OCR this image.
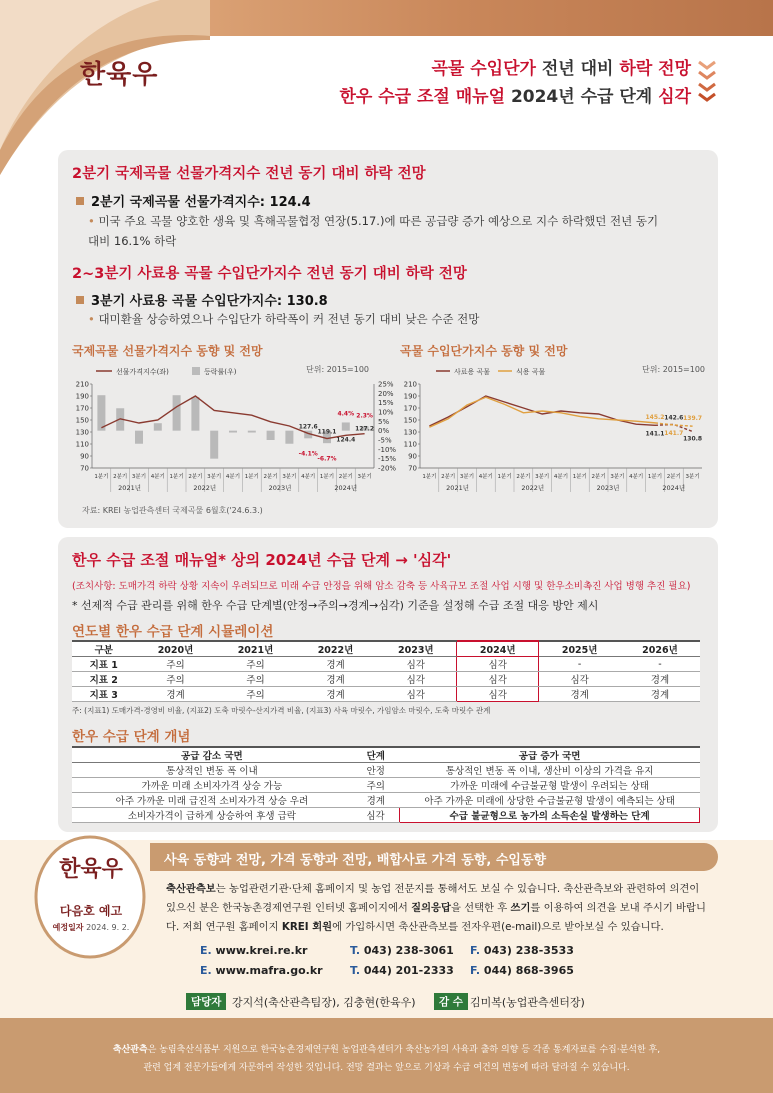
한육우	곡물 수입단가 전년 대비 하락 전망
한우 수급 조절 매뉴얼 2024년 수급 단계 심각
2분기 국제곡물 선물가격지수 전년 동기 대비 하락 전망
2분기 국제곡물 선물가격지수: 124.4
• 미국 주요 곡물 양호한 생육 및 흑해곡물협정 연장(5.17.)에 따른 공급량 증가 예상으로 지수 하락했던 전년 동기
대비 16.1% 하락
2~3분기 사료용 곡물 수입단가지수 전년 동기 대비 하락 전망
3분기 사료용 곡물 수입단가지수: 130.8
• 대미환율 상승하였으나 수입단가 하락폭이 커 전년 동기 대비 낮은 수준 전망
국제곡물 선물가격지수 동향 및 전망
단위: 2015=100
곡물 수입단가지수 동향 및 전망
단위: 2015=100
선물가격지수(좌)	등락률(우)
70
90
110
130
150
170
190
210	25%
20%
15%
10%
5%
0%
-5%
-10%
-15%
-20%
127.6
119.1
124.4
127.2
4.4% 2.3%
-4.1%
-6.7%
1분기 2분기 3분기 4분기 1분기 2분기 3분기 4분기 1분기 2분기 3분기 4분기 1분기 2분기 3분기
2021년	2022년	2023년	2024년
사료용 곡물	식용 곡물
70
90
110
130
150
170
190
210
145.2 142.6 139.7
141.1 141.7
130.8
1분기 2분기 3분기 4분기 1분기 2분기 3분기 4분기 1분기 2분기 3분기 4분기 1분기 2분기 3분기
2021년	2022년	2023년	2024년
자료: KREI 농업관측센터 국제곡물 6월호('24.6.3.)
한우 수급 조절 매뉴얼* 상의 2024년 수급 단계 → '심각'
(조치사항: 도매가격 하락 상황 지속이 우려되므로 미래 수급 안정을 위해 암소 감축 등 사육규모 조절 사업 시행 및 한우소비촉진 사업 병행 추진 필요)
* 선제적 수급 관리를 위해 한우 수급 단계별(안정→주의→경계→심각) 기준을 설정해 수급 조절 대응 방안 제시
연도별 한우 수급 단계 시뮬레이션
구분	2020년	2021년	2022년	2023년	2024년	2025년	2026년
지표 1	주의	주의	경계	심각	심각	-	-
지표 2	주의	주의	경계	심각	심각	심각	경계
지표 3	경계	주의	경계	심각	심각	경계	경계
주: (지표1) 도매가격-경영비 비율, (지표2) 도축 마릿수-산지가격 비율, (지표3) 사육 마릿수, 가임암소 마릿수, 도축 마릿수 관계
한우 수급 단계 개념
공급 감소 국면	단계	공급 증가 국면
통상적인 변동 폭 이내	안정	통상적인 변동 폭 이내, 생산비 이상의 가격을 유지
가까운 미래 소비자가격 상승 가능	주의	가까운 미래에 수급불균형 발생이 우려되는 상태
아주 가까운 미래 급진적 소비자가격 상승 우려	경계	아주 가까운 미래에 상당한 수급불균형 발생이 예측되는 상태
소비자가격이 급하게 상승하여 후생 급락	심각	수급 불균형으로 농가의 소득손실 발생하는 단계
한육우
다음호 예고
예정일자 2024. 9. 2.
사육 동향과 전망, 가격 동향과 전망, 배합사료 가격 동향, 수입동향
축산관측보는 농업관련기관·단체 홈페이지 및 농업 전문지를 통해서도 보실 수 있습니다. 축산관측보와 관련하여 의견이 있으신 분은 한국농촌경제연구원 인터넷 홈페이지에서 질의응답을 선택한 후 쓰기를 이용하여 의견을 보내 주시기 바랍니다. 저희 연구원 홈페이지 KREI 회원에 가입하시면 축산관측보를 전자우편(e-mail)으로 받아보실 수 있습니다.
E. www.krei.re.kr	T. 043) 238-3061 F. 043) 238-3533
E. www.mafra.go.kr T. 044) 201-2333 F. 044) 868-3965
담당자 강지석(축산관측팀장), 김충현(한육우)	감 수 김미복(농업관측센터장)

축산관측은 농림축산식품부 지원으로 한국농촌경제연구원 농업관측센터가 축산농가의 사육과 출하 의향 등 각종 통계자료를 수집·분석한 후,

관련 업계 전문가들에게 자문하여 작성한 것입니다. 전망 결과는 앞으로 기상과 수급 여건의 변동에 따라 달라질 수 있습니다.
